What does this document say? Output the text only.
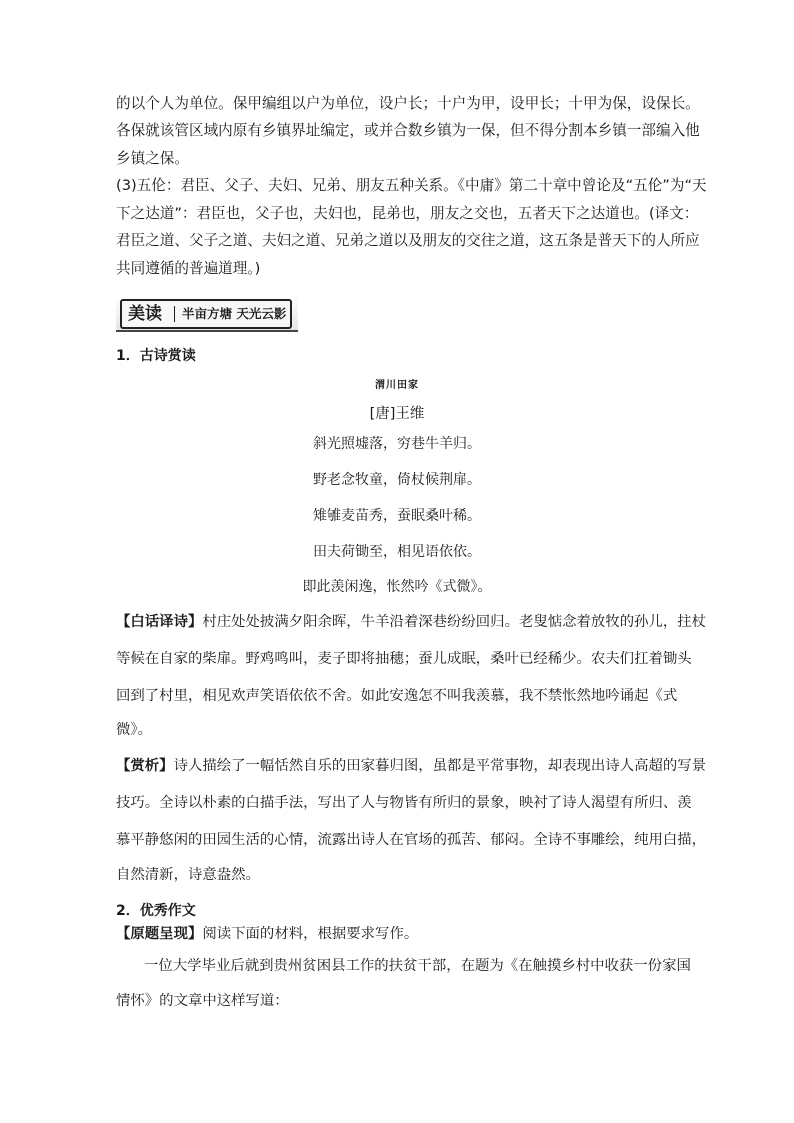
的以个人为单位。保甲编组以户为单位，设户长；十户为甲，设甲长；十甲为保，设保长。

各保就该管区域内原有乡镇界址编定，或并合数乡镇为一保，但不得分割本乡镇一部编入他

乡镇之保。

(3)五伦：君臣、父子、夫妇、兄弟、朋友五种关系。《中庸》第二十章中曾论及“五伦”为“天

下之达道”：君臣也，父子也，夫妇也，昆弟也，朋友之交也，五者天下之达道也。(译文：

君臣之道、父子之道、夫妇之道、兄弟之道以及朋友的交往之道，这五条是普天下的人所应

共同遵循的普遍道理。)

美读 半亩方塘 天光云影
1．古诗赏读
渭川田家
[唐]王维
斜光照墟落，穷巷牛羊归。
野老念牧童，倚杖候荆扉。
雉雊麦苗秀，蚕眠桑叶稀。
田夫荷锄至，相见语依依。
即此羡闲逸，怅然吟《式微》。

【白话译诗】村庄处处披满夕阳余晖，牛羊沿着深巷纷纷回归。老叟惦念着放牧的孙儿，拄杖

等候在自家的柴扉。野鸡鸣叫，麦子即将抽穗；蚕儿成眠，桑叶已经稀少。农夫们扛着锄头

回到了村里，相见欢声笑语依依不舍。如此安逸怎不叫我羡慕，我不禁怅然地吟诵起《式

微》。

【赏析】诗人描绘了一幅恬然自乐的田家暮归图，虽都是平常事物，却表现出诗人高超的写景

技巧。全诗以朴素的白描手法，写出了人与物皆有所归的景象，映衬了诗人渴望有所归、羡

慕平静悠闲的田园生活的心情，流露出诗人在官场的孤苦、郁闷。全诗不事雕绘，纯用白描，

自然清新，诗意盎然。

2．优秀作文

【原题呈现】阅读下面的材料，根据要求写作。

一位大学毕业后就到贵州贫困县工作的扶贫干部，在题为《在触摸乡村中收获一份家国

情怀》的文章中这样写道：
